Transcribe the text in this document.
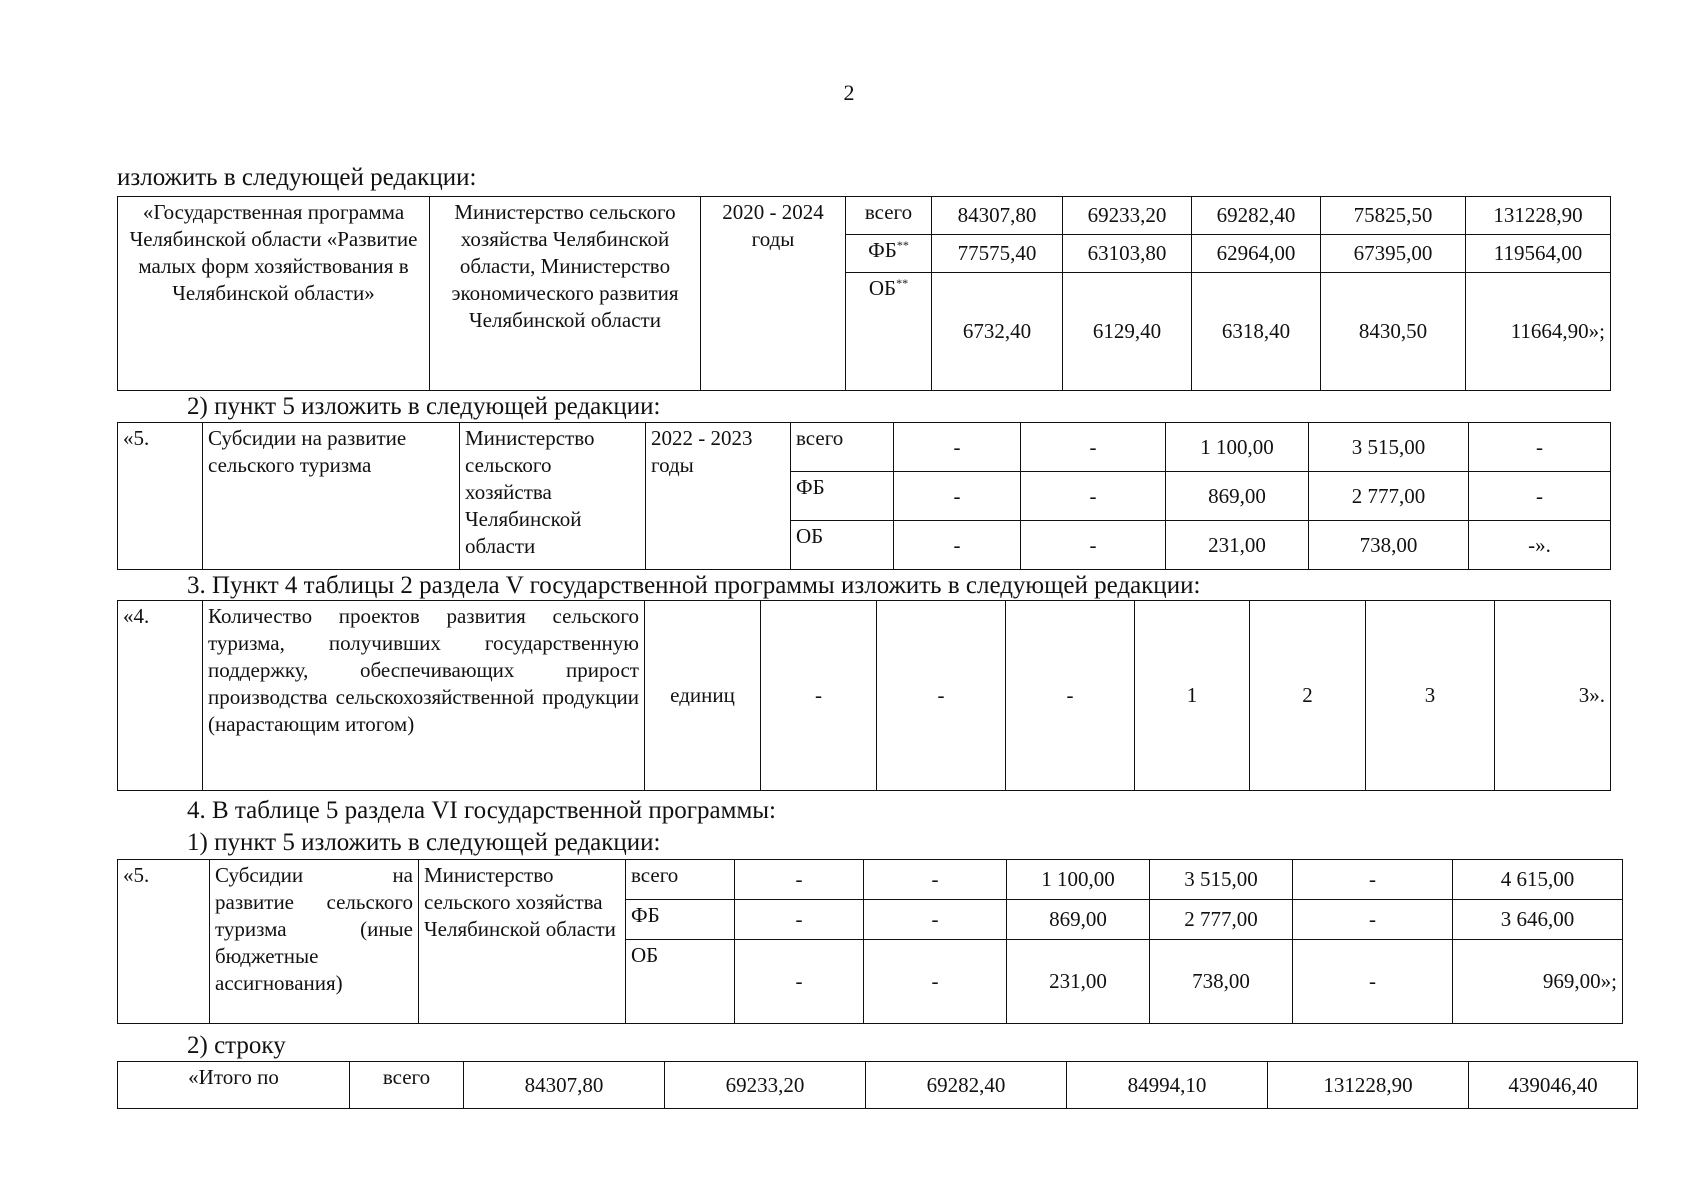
2
изложить в следующей редакции:
«Государственная программа Челябинской области «Развитие малых форм хозяйствования в Челябинской области»	Министерство сельского хозяйства Челябинской области, Министерство экономического развития Челябинской области	2020 - 2024 годы	всего	84307,80	69233,20	69282,40	75825,50	131228,90
			ФБ**	77575,40	63103,80	62964,00	67395,00	119564,00
			ОБ**	6732,40	6129,40	6318,40	8430,50	11664,90»;
2) пункт 5 изложить в следующей редакции:
«5.	Субсидии на развитие сельского туризма	Министерство сельского хозяйства Челябинской области	2022 - 2023 годы	всего	-	-	1 100,00	3 515,00	-
				ФБ	-	-	869,00	2 777,00	-
				ОБ	-	-	231,00	738,00	-».
3. Пункт 4 таблицы 2 раздела V государственной программы изложить в следующей редакции:
«4.	Количество проектов развития сельского туризма, получивших государственную поддержку, обеспечивающих прирост производства сельскохозяйственной продукции (нарастающим итогом)	единиц	-	-	-	1	2	3	3».
4. В таблице 5 раздела VI государственной программы:
1) пункт 5 изложить в следующей редакции:
«5.	Субсидии на развитие сельского туризма (иные бюджетные ассигнования)	Министерство сельского хозяйства Челябинской области	всего	-	-	1 100,00	3 515,00	-	4 615,00
			ФБ	-	-	869,00	2 777,00	-	3 646,00
			ОБ	-	-	231,00	738,00	-	969,00»;
2) строку
«Итого по	всего	84307,80	69233,20	69282,40	84994,10	131228,90	439046,40
